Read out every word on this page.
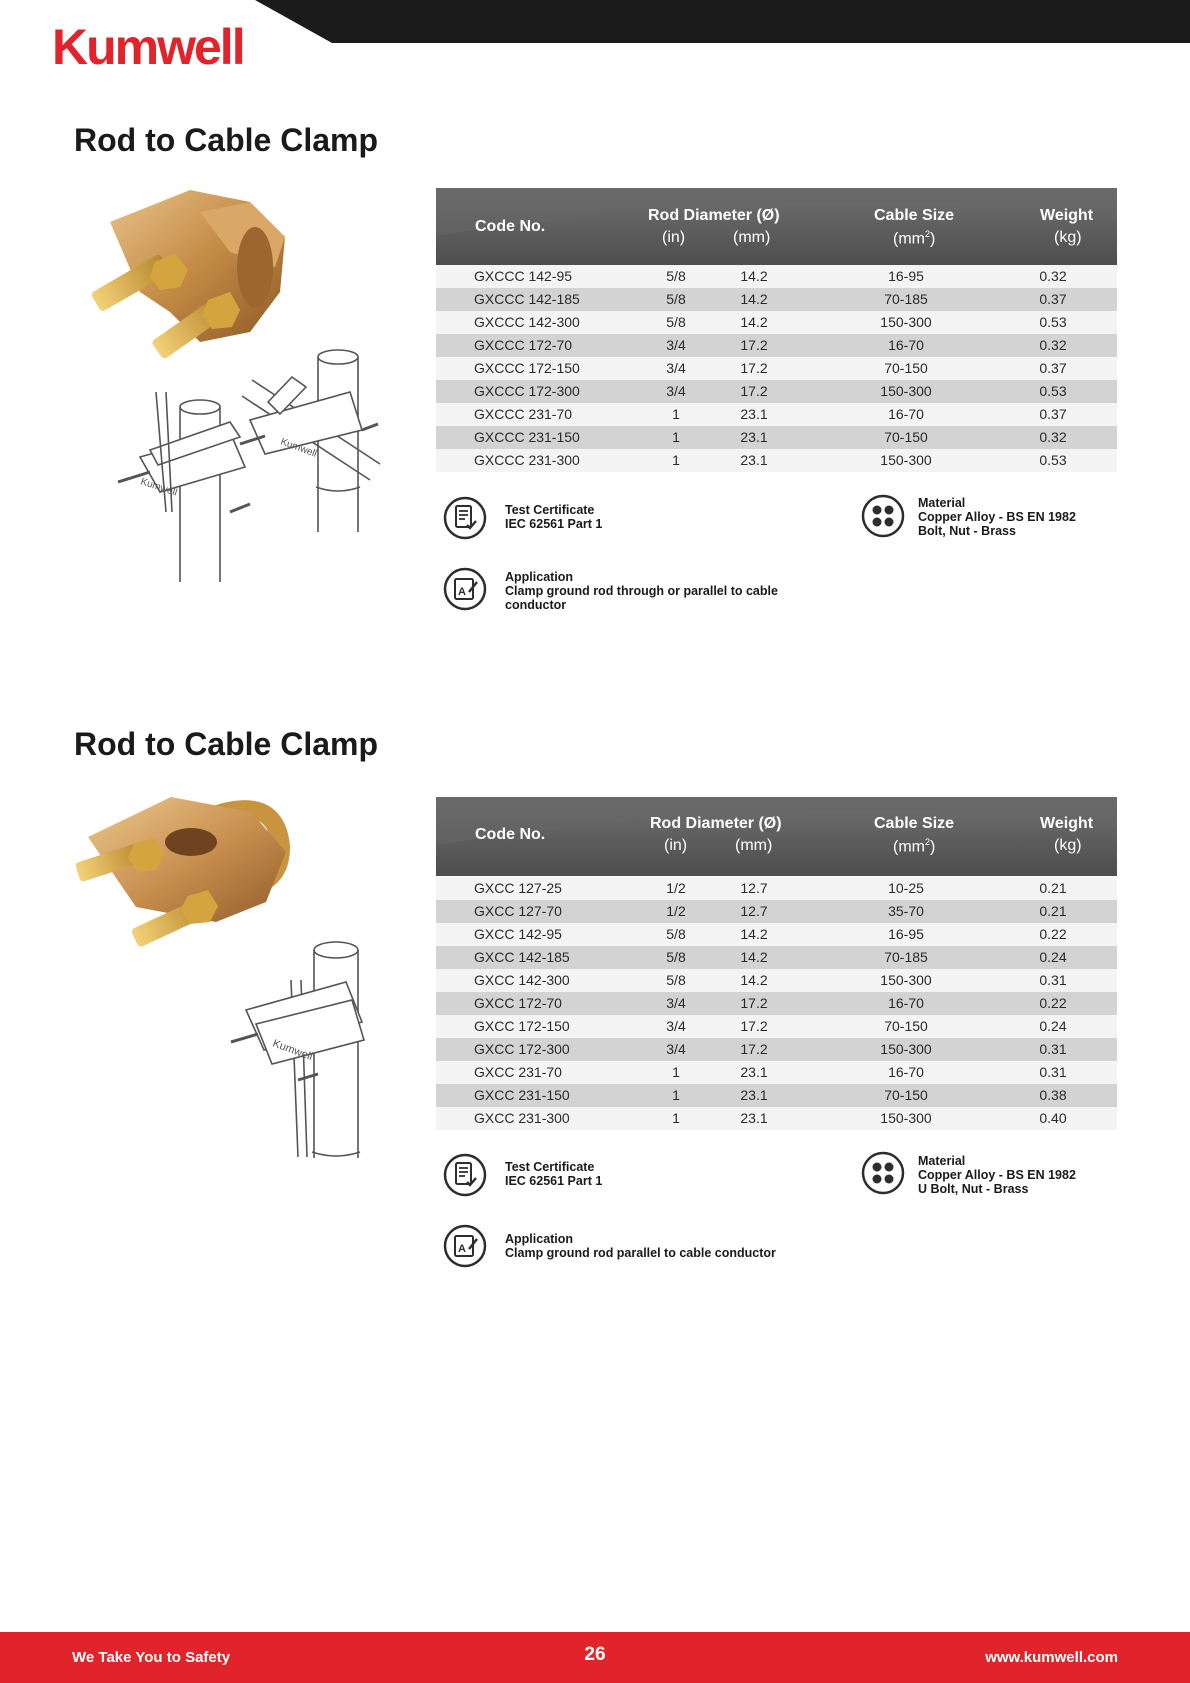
Kumwell
Rod to Cable Clamp
Kumwell
Kumwell
Code No.
Rod Diameter (Ø)
(in)	(mm)
Cable Size
$(mm^2)$
Weight
(kg)
GXCCC 142-95	5/8	14.2	16-95	0.32
GXCCC 142-185	5/8	14.2	70-185	0.37
GXCCC 142-300	5/8	14.2	150-300	0.53
GXCCC 172-70	3/4	17.2	16-70	0.32
GXCCC 172-150	3/4	17.2	70-150	0.37
GXCCC 172-300	3/4	17.2	150-300	0.53
GXCCC 231-70	1	23.1	16-70	0.37
GXCCC 231-150	1	23.1	70-150	0.32
GXCCC 231-300	1	23.1	150-300	0.53
Test Certificate
IEC 62561 Part 1
Material
Copper Alloy - BS EN 1982
Bolt, Nut - Brass
A
Application
Clamp ground rod through or parallel to cable
conductor
Rod to Cable Clamp
Kumwell
Code No.
Rod Diameter (Ø)
(in)	(mm)
Cable Size
$(mm^2)$
Weight
(kg)
GXCC 127-25	1/2	12.7	10-25	0.21
GXCC 127-70	1/2	12.7	35-70	0.21
GXCC 142-95	5/8	14.2	16-95	0.22
GXCC 142-185	5/8	14.2	70-185	0.24
GXCC 142-300	5/8	14.2	150-300	0.31
GXCC 172-70	3/4	17.2	16-70	0.22
GXCC 172-150	3/4	17.2	70-150	0.24
GXCC 172-300	3/4	17.2	150-300	0.31
GXCC 231-70	1	23.1	16-70	0.31
GXCC 231-150	1	23.1	70-150	0.38
GXCC 231-300	1	23.1	150-300	0.40
Test Certificate
IEC 62561 Part 1
Material
Copper Alloy - BS EN 1982
U Bolt, Nut - Brass
A
Application
Clamp ground rod parallel to cable conductor
We Take You to Safety	26	www.kumwell.com
